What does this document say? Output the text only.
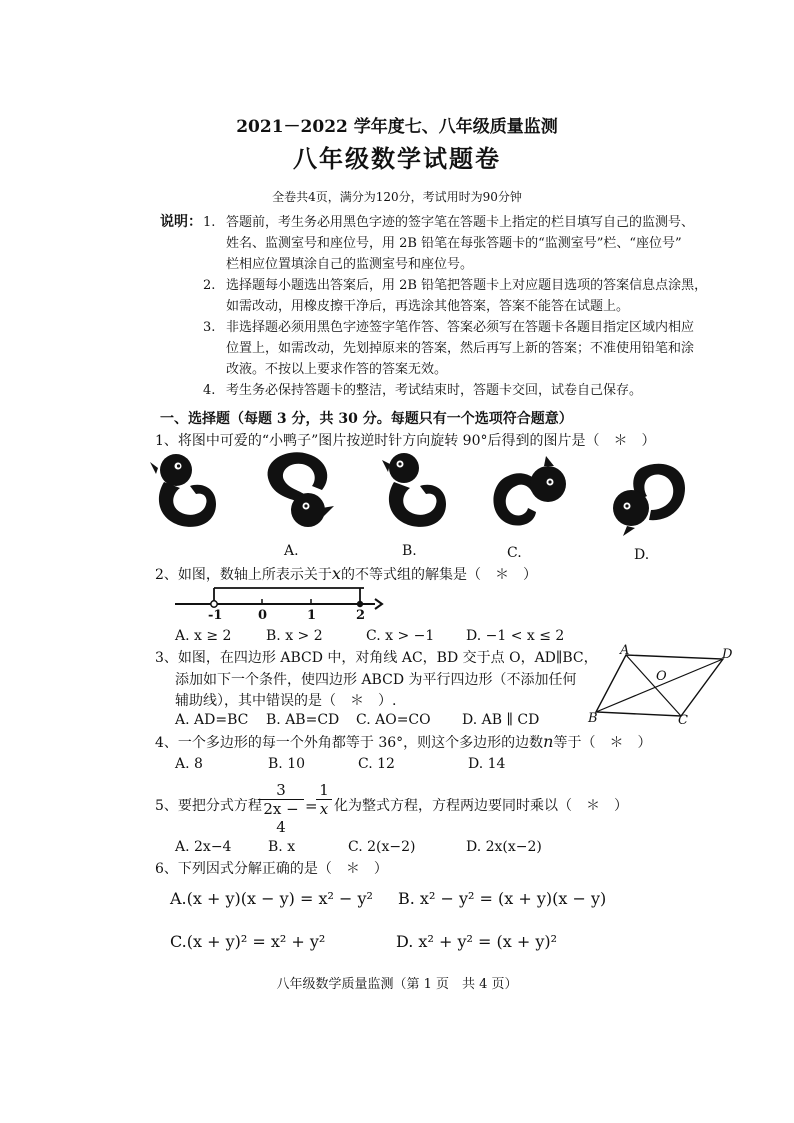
2021－2022 学年度七、八年级质量监测
八年级数学试题卷
全卷共4页，满分为120分，考试用时为90分钟
说明： 1. 答题前，考生务必用黑色字迹的签字笔在答题卡上指定的栏目填写自己的监测号、
姓名、监测室号和座位号，用 2B 铅笔在每张答题卡的“监测室号”栏、“座位号”
栏相应位置填涂自己的监测室号和座位号。
2. 选择题每小题选出答案后，用 2B 铅笔把答题卡上对应题目选项的答案信息点涂黑，
如需改动，用橡皮擦干净后，再选涂其他答案，答案不能答在试题上。
3. 非选择题必须用黑色字迹签字笔作答、答案必须写在答题卡各题目指定区域内相应
位置上，如需改动，先划掉原来的答案，然后再写上新的答案；不准使用铅笔和涂
改液。不按以上要求作答的答案无效。
4. 考生务必保持答题卡的整洁，考试结束时，答题卡交回，试卷自己保存。
一、选择题（每题 3 分，共 30 分。每题只有一个选项符合题意）
1、将图中可爱的“小鸭子”图片按逆时针方向旋转 90°后得到的图片是（　＊　）
A.	B.	C.	D.
2、如图，数轴上所表示关于x的不等式组的解集是（　＊　）
-1	0	1	2
A. x ≥ 2 B. x > 2	C. x > −1 D. −1 < x ≤ 2
3、如图，在四边形 ABCD 中，对角线 AC，BD 交于点 O，AD∥BC，
添加如下一个条件，使四边形 ABCD 为平行四边形（不添加任何
辅助线），其中错误的是（　＊　）.
A	D
O
B	C
A. AD=BC B. AB=CD C. AO=CO D. AB ∥ CD
4、一个多边形的每一个外角都等于 36°，则这个多边形的边数n等于（　＊　）
A. 8	B. 10	C. 12	D. 14
5、要把分式方程
3
2x − 4
=
1
x 化为整式方程，方程两边要同时乘以（　＊　）
A. 2x−4	B. x	C. 2(x−2)	D. 2x(x−2)
6、下列因式分解正确的是（　＊　）
A.(x + y)(x − y) = x² − y² B. x² − y² = (x + y)(x − y)
C.(x + y)² = x² + y²	D. x² + y² = (x + y)²
八年级数学质量监测（第 1 页　共 4 页）
